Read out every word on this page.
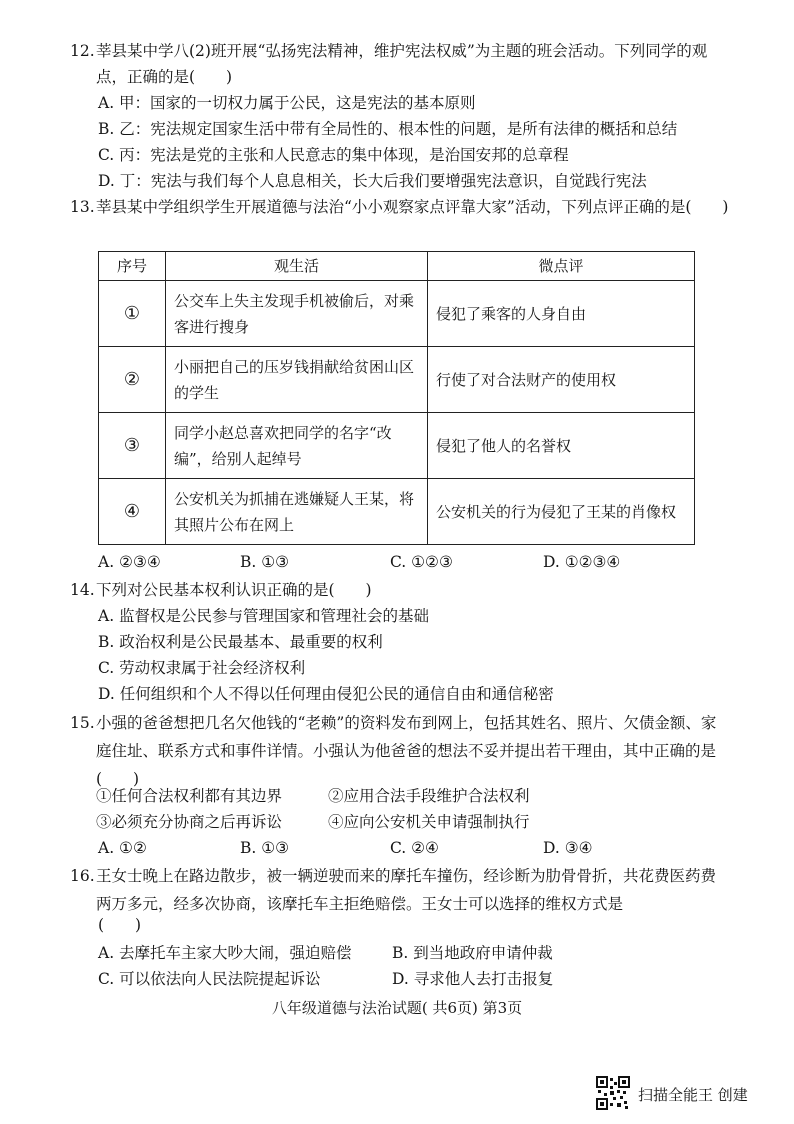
12. 莘县某中学八(2)班开展“弘扬宪法精神，维护宪法权威”为主题的班会活动。下列同学的观点，正确的是(　　)
A. 甲：国家的一切权力属于公民，这是宪法的基本原则
B. 乙：宪法规定国家生活中带有全局性的、根本性的问题，是所有法律的概括和总结
C. 丙：宪法是党的主张和人民意志的集中体现，是治国安邦的总章程
D. 丁：宪法与我们每个人息息相关，长大后我们要增强宪法意识，自觉践行宪法
13. 莘县某中学组织学生开展道德与法治“小小观察家点评靠大家”活动，下列点评正确的是(　　)
序号	观生活	微点评
①	公交车上失主发现手机被偷后，对乘客进行搜身	侵犯了乘客的人身自由
②	小丽把自己的压岁钱捐献给贫困山区的学生	行使了对合法财产的使用权
③	同学小赵总喜欢把同学的名字“改编”，给别人起绰号	侵犯了他人的名誉权
④	公安机关为抓捕在逃嫌疑人王某，将其照片公布在网上	公安机关的行为侵犯了王某的肖像权
A. ②③④	B. ①③	C. ①②③	D. ①②③④
14. 下列对公民基本权利认识正确的是(　　)
A. 监督权是公民参与管理国家和管理社会的基础
B. 政治权利是公民最基本、最重要的权利
C. 劳动权隶属于社会经济权利
D. 任何组织和个人不得以任何理由侵犯公民的通信自由和通信秘密
15. 小强的爸爸想把几名欠他钱的“老赖”的资料发布到网上，包括其姓名、照片、欠债金额、家庭住址、联系方式和事件详情。小强认为他爸爸的想法不妥并提出若干理由，其中正确的是(　　)
①任何合法权利都有其边界	②应用合法手段维护合法权利
③必须充分协商之后再诉讼	④应向公安机关申请强制执行
A. ①②	B. ①③	C. ②④	D. ③④
16. 王女士晚上在路边散步，被一辆逆驶而来的摩托车撞伤，经诊断为肋骨骨折，共花费医药费两万多元，经多次协商，该摩托车主拒绝赔偿。王女士可以选择的维权方式是
(　　)
A. 去摩托车主家大吵大闹，强迫赔偿	B. 到当地政府申请仲裁
C. 可以依法向人民法院提起诉讼	D. 寻求他人去打击报复
八年级道德与法治试题( 共6页) 第3页
扫描全能王 创建
